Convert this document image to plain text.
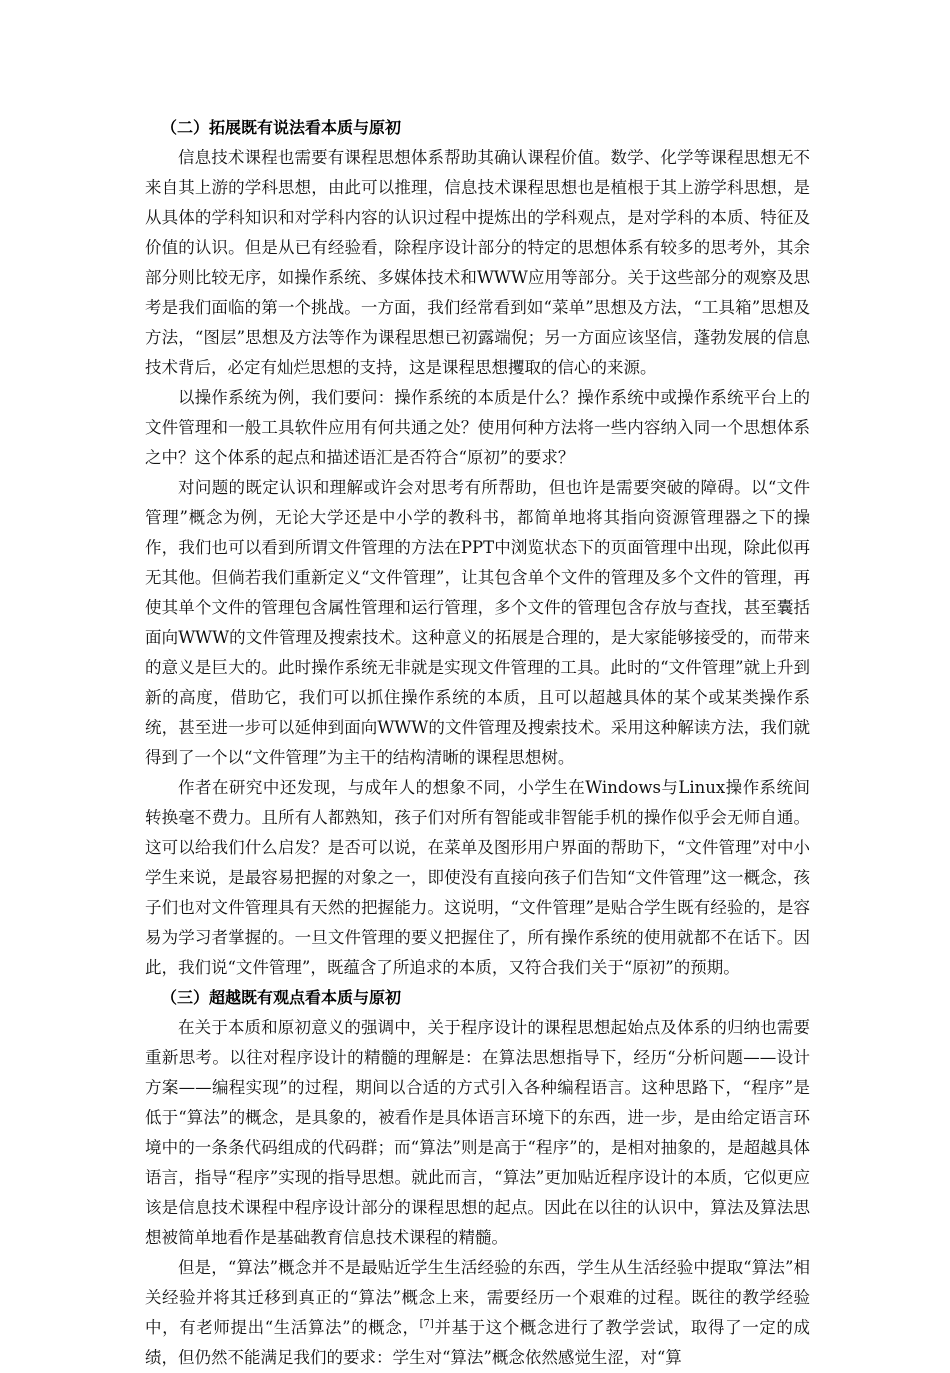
（二）拓展既有说法看本质与原初

信息技术课程也需要有课程思想体系帮助其确认课程价值。数学、化学等课程思想无不来自其上游的学科思想，由此可以推理，信息技术课程思想也是植根于其上游学科思想，是从具体的学科知识和对学科内容的认识过程中提炼出的学科观点，是对学科的本质、特征及价值的认识。但是从已有经验看，除程序设计部分的特定的思想体系有较多的思考外，其余部分则比较无序，如操作系统、多媒体技术和WWW应用等部分。关于这些部分的观察及思考是我们面临的第一个挑战。一方面，我们经常看到如“菜单”思想及方法，“工具箱”思想及方法，“图层”思想及方法等作为课程思想已初露端倪；另一方面应该坚信，蓬勃发展的信息技术背后，必定有灿烂思想的支持，这是课程思想攫取的信心的来源。

以操作系统为例，我们要问：操作系统的本质是什么？操作系统中或操作系统平台上的文件管理和一般工具软件应用有何共通之处？使用何种方法将一些内容纳入同一个思想体系之中？这个体系的起点和描述语汇是否符合“原初”的要求？

对问题的既定认识和理解或许会对思考有所帮助，但也许是需要突破的障碍。以“文件管理”概念为例，无论大学还是中小学的教科书，都简单地将其指向资源管理器之下的操作，我们也可以看到所谓文件管理的方法在PPT中浏览状态下的页面管理中出现，除此似再无其他。但倘若我们重新定义“文件管理”，让其包含单个文件的管理及多个文件的管理，再使其单个文件的管理包含属性管理和运行管理，多个文件的管理包含存放与查找，甚至囊括面向WWW的文件管理及搜索技术。这种意义的拓展是合理的，是大家能够接受的，而带来的意义是巨大的。此时操作系统无非就是实现文件管理的工具。此时的“文件管理”就上升到新的高度，借助它，我们可以抓住操作系统的本质，且可以超越具体的某个或某类操作系统，甚至进一步可以延伸到面向WWW的文件管理及搜索技术。采用这种解读方法，我们就得到了一个以“文件管理”为主干的结构清晰的课程思想树。

作者在研究中还发现，与成年人的想象不同，小学生在Windows与Linux操作系统间转换毫不费力。且所有人都熟知，孩子们对所有智能或非智能手机的操作似乎会无师自通。这可以给我们什么启发？是否可以说，在菜单及图形用户界面的帮助下，“文件管理”对中小学生来说，是最容易把握的对象之一，即使没有直接向孩子们告知“文件管理”这一概念，孩子们也对文件管理具有天然的把握能力。这说明，“文件管理”是贴合学生既有经验的，是容易为学习者掌握的。一旦文件管理的要义把握住了，所有操作系统的使用就都不在话下。因此，我们说“文件管理”，既蕴含了所追求的本质，又符合我们关于“原初”的预期。

（三）超越既有观点看本质与原初

在关于本质和原初意义的强调中，关于程序设计的课程思想起始点及体系的归纳也需要重新思考。以往对程序设计的精髓的理解是：在算法思想指导下，经历“分析问题——设计方案——编程实现”的过程，期间以合适的方式引入各种编程语言。这种思路下，“程序”是低于“算法”的概念，是具象的，被看作是具体语言环境下的东西，进一步，是由给定语言环境中的一条条代码组成的代码群；而“算法”则是高于“程序”的，是相对抽象的，是超越具体语言，指导“程序”实现的指导思想。就此而言，“算法”更加贴近程序设计的本质，它似更应该是信息技术课程中程序设计部分的课程思想的起点。因此在以往的认识中，算法及算法思想被简单地看作是基础教育信息技术课程的精髓。

但是，“算法”概念并不是最贴近学生生活经验的东西，学生从生活经验中提取“算法”相关经验并将其迁移到真正的“算法”概念上来，需要经历一个艰难的过程。既往的教学经验中，有老师提出“生活算法”的概念，[7]并基于这个概念进行了教学尝试，取得了一定的成绩，但仍然不能满足我们的要求：学生对“算法”概念依然感觉生涩，对“算
